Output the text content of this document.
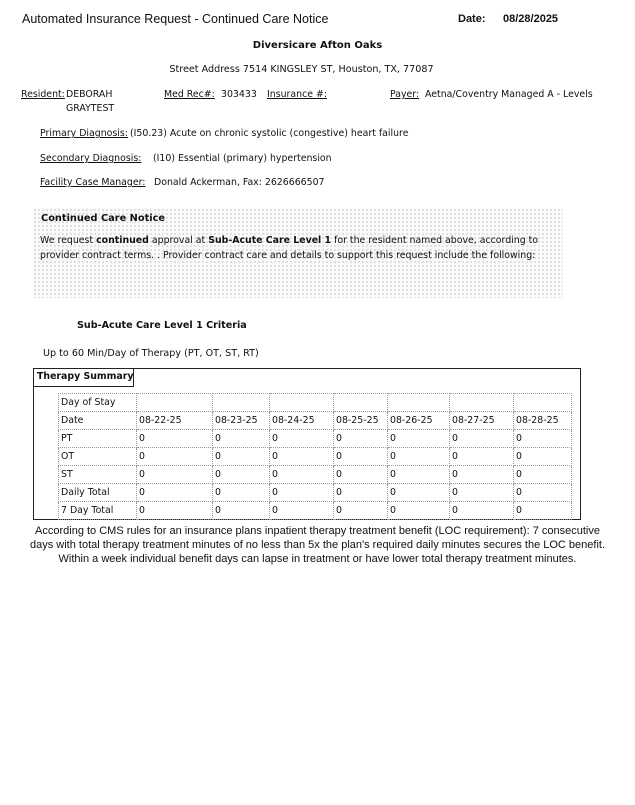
Automated Insurance Request - Continued Care Notice	Date: 08/28/2025
Diversicare Afton Oaks
Street Address 7514 KINGSLEY ST, Houston, TX, 77087
Resident: DEBORAH
GRAYTEST
Med Rec#: 303433 Insurance #:	Payer: Aetna/Coventry Managed A - Levels
Primary Diagnosis: (I50.23) Acute on chronic systolic (congestive) heart failure
Secondary Diagnosis: (I10) Essential (primary) hypertension
Facility Case Manager: Donald Ackerman, Fax: 2626666507
Continued Care Notice
We request continued approval at Sub-Acute Care Level 1 for the resident named above, according to provider contract terms. . Provider contract care and details to support this request include the following:
Sub-Acute Care Level 1 Criteria
Up to 60 Min/Day of Therapy (PT, OT, ST, RT)
Therapy Summary
Day of Stay							
Date	08-22-25	08-23-25	08-24-25	08-25-25	08-26-25	08-27-25	08-28-25
PT	0	0	0	0	0	0	0
OT	0	0	0	0	0	0	0
ST	0	0	0	0	0	0	0
Daily Total	0	0	0	0	0	0	0
7 Day Total	0	0	0	0	0	0	0
According to CMS rules for an insurance plans inpatient therapy treatment benefit (LOC requirement): 7 consecutive days with total therapy treatment minutes of no less than 5x the plan's required daily minutes secures the LOC benefit. Within a week individual benefit days can lapse in treatment or have lower total therapy treatment minutes.
